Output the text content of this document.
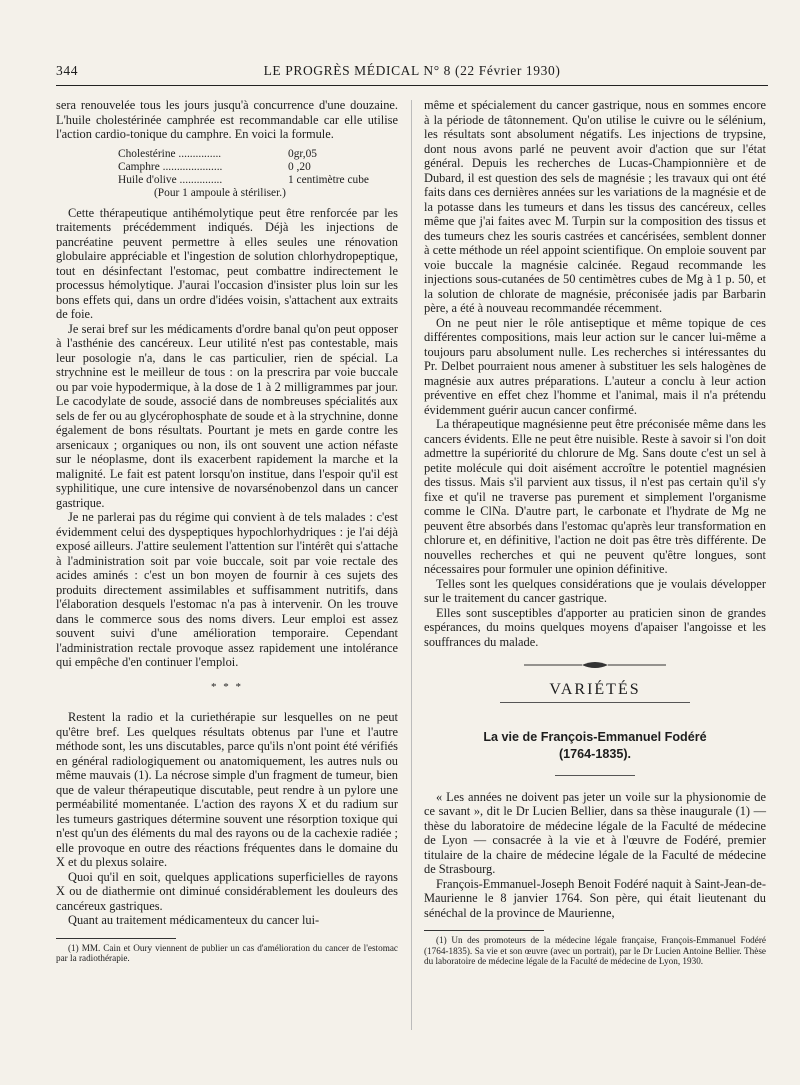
344	LE PROGRÈS MÉDICAL N° 8 (22 Février 1930)

sera renouvelée tous les jours jusqu'à concurrence d'une douzaine. L'huile cholestérinée camphrée est recommandable car elle utilise l'action cardio-tonique du camphre. En voici la formule.

Cholestérine ...............	0gr,05
Camphre .....................	0 ,20
Huile d'olive ...............	1 centimètre cube
(Pour 1 ampoule à stériliser.)

Cette thérapeutique antihémolytique peut être renforcée par les traitements précédemment indiqués. Déjà les injections de pancréatine peuvent permettre à elles seules une rénovation globulaire appréciable et l'ingestion de solution chlorhydropeptique, tout en désinfectant l'estomac, peut combattre indirectement le processus hémolytique. J'aurai l'occasion d'insister plus loin sur les bons effets qui, dans un ordre d'idées voisin, s'attachent aux extraits de foie.

Je serai bref sur les médicaments d'ordre banal qu'on peut opposer à l'asthénie des cancéreux. Leur utilité n'est pas contestable, mais leur posologie n'a, dans le cas particulier, rien de spécial. La strychnine est le meilleur de tous : on la prescrira par voie buccale ou par voie hypodermique, à la dose de 1 à 2 milligrammes par jour. Le cacodylate de soude, associé dans de nombreuses spécialités aux sels de fer ou au glycérophosphate de soude et à la strychnine, donne également de bons résultats. Pourtant je mets en garde contre les arsenicaux ; organiques ou non, ils ont souvent une action néfaste sur le néoplasme, dont ils exacerbent rapidement la marche et la malignité. Le fait est patent lorsqu'on institue, dans l'espoir qu'il est syphilitique, une cure intensive de novarsénobenzol dans un cancer gastrique.

Je ne parlerai pas du régime qui convient à de tels malades : c'est évidemment celui des dyspeptiques hypochlorhydriques : je l'ai déjà exposé ailleurs. J'attire seulement l'attention sur l'intérêt qui s'attache à l'administration soit par voie buccale, soit par voie rectale des acides aminés : c'est un bon moyen de fournir à ces sujets des produits directement assimilables et suffisamment nutritifs, dans l'élaboration desquels l'estomac n'a pas à intervenir. On les trouve dans le commerce sous des noms divers. Leur emploi est assez souvent suivi d'une amélioration temporaire. Cependant l'administration rectale provoque assez rapidement une intolérance qui empêche d'en continuer l'emploi.

* * *

Restent la radio et la curiethérapie sur lesquelles on ne peut qu'être bref. Les quelques résultats obtenus par l'une et l'autre méthode sont, les uns discutables, parce qu'ils n'ont point été vérifiés en général radiologiquement ou anatomiquement, les autres nuls ou même mauvais (1). La nécrose simple d'un fragment de tumeur, bien que de valeur thérapeutique discutable, peut rendre à un pylore une perméabilité momentanée. L'action des rayons X et du radium sur les tumeurs gastriques détermine souvent une résorption toxique qui n'est qu'un des éléments du mal des rayons ou de la cachexie radiée ; elle provoque en outre des réactions fréquentes dans le domaine du X et du plexus solaire.

Quoi qu'il en soit, quelques applications superficielles de rayons X ou de diathermie ont diminué considérablement les douleurs des cancéreux gastriques.

Quant au traitement médicamenteux du cancer lui-

(1) MM. Cain et Oury viennent de publier un cas d'amélioration du cancer de l'estomac par la radiothérapie.

même et spécialement du cancer gastrique, nous en sommes encore à la période de tâtonnement. Qu'on utilise le cuivre ou le sélénium, les résultats sont absolument négatifs. Les injections de trypsine, dont nous avons parlé ne peuvent avoir d'action que sur l'état général. Depuis les recherches de Lucas-Championnière et de Dubard, il est question des sels de magnésie ; les travaux qui ont été faits dans ces dernières années sur les variations de la magnésie et de la potasse dans les tumeurs et dans les tissus des cancéreux, celles même que j'ai faites avec M. Turpin sur la composition des tissus et des tumeurs chez les souris castrées et cancérisées, semblent donner à cette méthode un réel appoint scientifique. On emploie souvent par voie buccale la magnésie calcinée. Regaud recommande les injections sous-cutanées de 50 centimètres cubes de Mg à 1 p. 50, et la solution de chlorate de magnésie, préconisée jadis par Barbarin père, a été à nouveau recommandée récemment.

On ne peut nier le rôle antiseptique et même topique de ces différentes compositions, mais leur action sur le cancer lui-même a toujours paru absolument nulle. Les recherches si intéressantes du Pr. Delbet pourraient nous amener à substituer les sels halogènes de magnésie aux autres préparations. L'auteur a conclu à leur action préventive en effet chez l'homme et l'animal, mais il n'a prétendu évidemment guérir aucun cancer confirmé.

La thérapeutique magnésienne peut être préconisée même dans les cancers évidents. Elle ne peut être nuisible. Reste à savoir si l'on doit admettre la supériorité du chlorure de Mg. Sans doute c'est un sel à petite molécule qui doit aisément accroître le potentiel magnésien des tissus. Mais s'il parvient aux tissus, il n'est pas certain qu'il s'y fixe et qu'il ne traverse pas purement et simplement l'organisme comme le ClNa. D'autre part, le carbonate et l'hydrate de Mg ne peuvent être absorbés dans l'estomac qu'après leur transformation en chlorure et, en définitive, l'action ne doit pas être très différente. De nouvelles recherches et qui ne peuvent qu'être longues, sont nécessaires pour formuler une opinion définitive.

Telles sont les quelques considérations que je voulais développer sur le traitement du cancer gastrique.

Elles sont susceptibles d'apporter au praticien sinon de grandes espérances, du moins quelques moyens d'apaiser l'angoisse et les souffrances du malade.

VARIÉTÉS
La vie de François-Emmanuel Fodéré
(1764-1835).

« Les années ne doivent pas jeter un voile sur la physionomie de ce savant », dit le Dr Lucien Bellier, dans sa thèse inaugurale (1) — thèse du laboratoire de médecine légale de la Faculté de médecine de Lyon — consacrée à la vie et à l'œuvre de Fodéré, premier titulaire de la chaire de médecine légale de la Faculté de médecine de Strasbourg.

François-Emmanuel-Joseph Benoit Fodéré naquit à Saint-Jean-de-Maurienne le 8 janvier 1764. Son père, qui était lieutenant du sénéchal de la province de Maurienne,

(1) Un des promoteurs de la médecine légale française, François-Emmanuel Fodéré (1764-1835). Sa vie et son œuvre (avec un portrait), par le Dr Lucien Antoine Bellier. Thèse du laboratoire de médecine légale de la Faculté de médecine de Lyon, 1930.
